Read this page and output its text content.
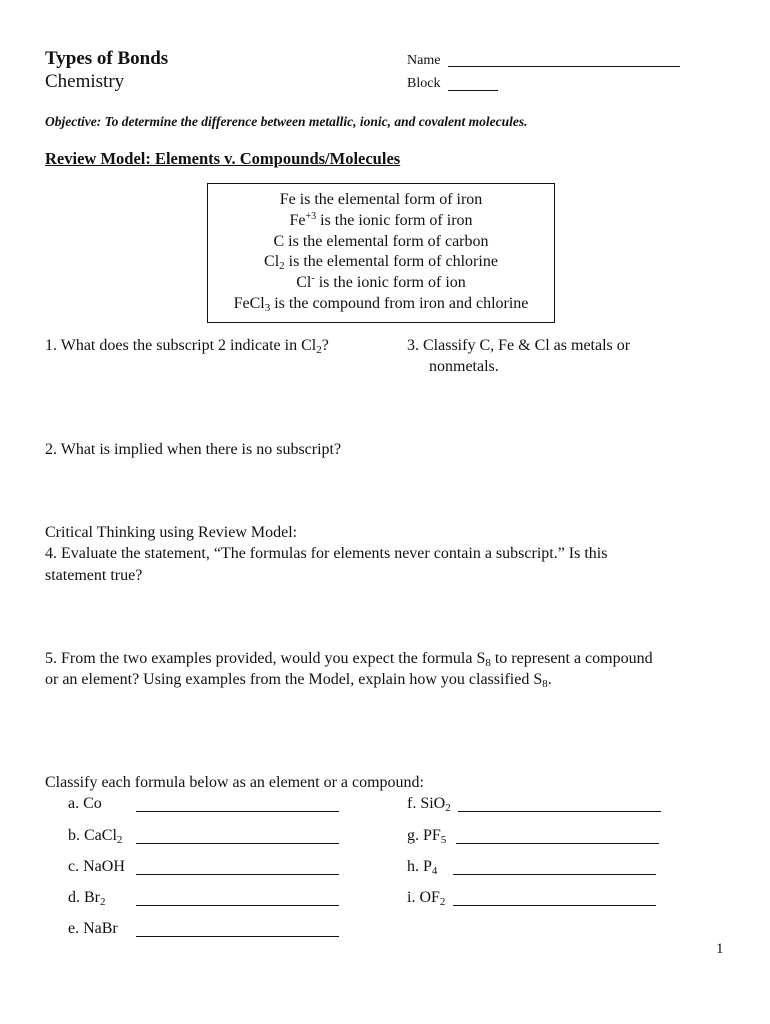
Types of Bonds
Chemistry
Name
Block
Objective: To determine the difference between metallic, ionic, and covalent molecules.
Review Model: Elements v. Compounds/Molecules
Fe is the elemental form of iron
$Fe^{+3}$ is the ionic form of iron
C is the elemental form of carbon
$Cl_2$ is the elemental form of chlorine
Cl- is the ionic form of ion
FeCl$_3$ is the compound from iron and chlorine
1. What does the subscript 2 indicate in $Cl_2$?	3. Classify C, Fe & Cl as metals or
nonmetals.
2. What is implied when there is no subscript?
Critical Thinking using Review Model:
4. Evaluate the statement, “The formulas for elements never contain a subscript.” Is this
statement true?
5. From the two examples provided, would you expect the formula $S_8$ to represent a compound
or an element? Using examples from the Model, explain how you classified $S_8$.
Classify each formula below as an element or a compound:
a. Co
b. CaCl$_2$
c. NaOH
d. $Br_2$
e. NaBr
f. SiO$_2$
g. $PF_5$
h. $P_4$
i. $OF_2$
1
